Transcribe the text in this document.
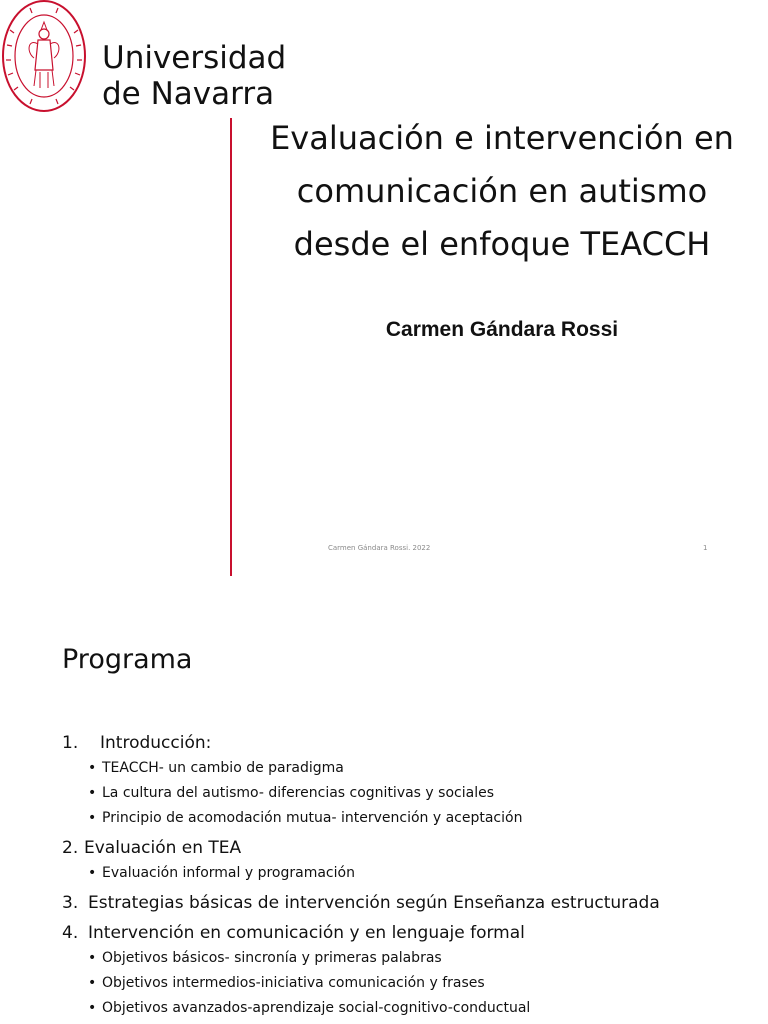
Universidad
de Navarra
Evaluación e intervención en comunicación en autismo desde el enfoque TEACCH
Carmen Gándara Rossi
Carmen Gándara Rossi. 2022	1
Programa
1. Introducción:
• TEACCH- un cambio de paradigma
• La cultura del autismo- diferencias cognitivas y sociales
• Principio de acomodación mutua- intervención y aceptación
2. Evaluación en TEA
• Evaluación informal y programación
3. Estrategias básicas de intervención según Enseñanza estructurada
4. Intervención en comunicación y en lenguaje formal
• Objetivos básicos- sincronía y primeras palabras
• Objetivos intermedios-iniciativa comunicación y frases
• Objetivos avanzados-aprendizaje social-cognitivo-conductual
